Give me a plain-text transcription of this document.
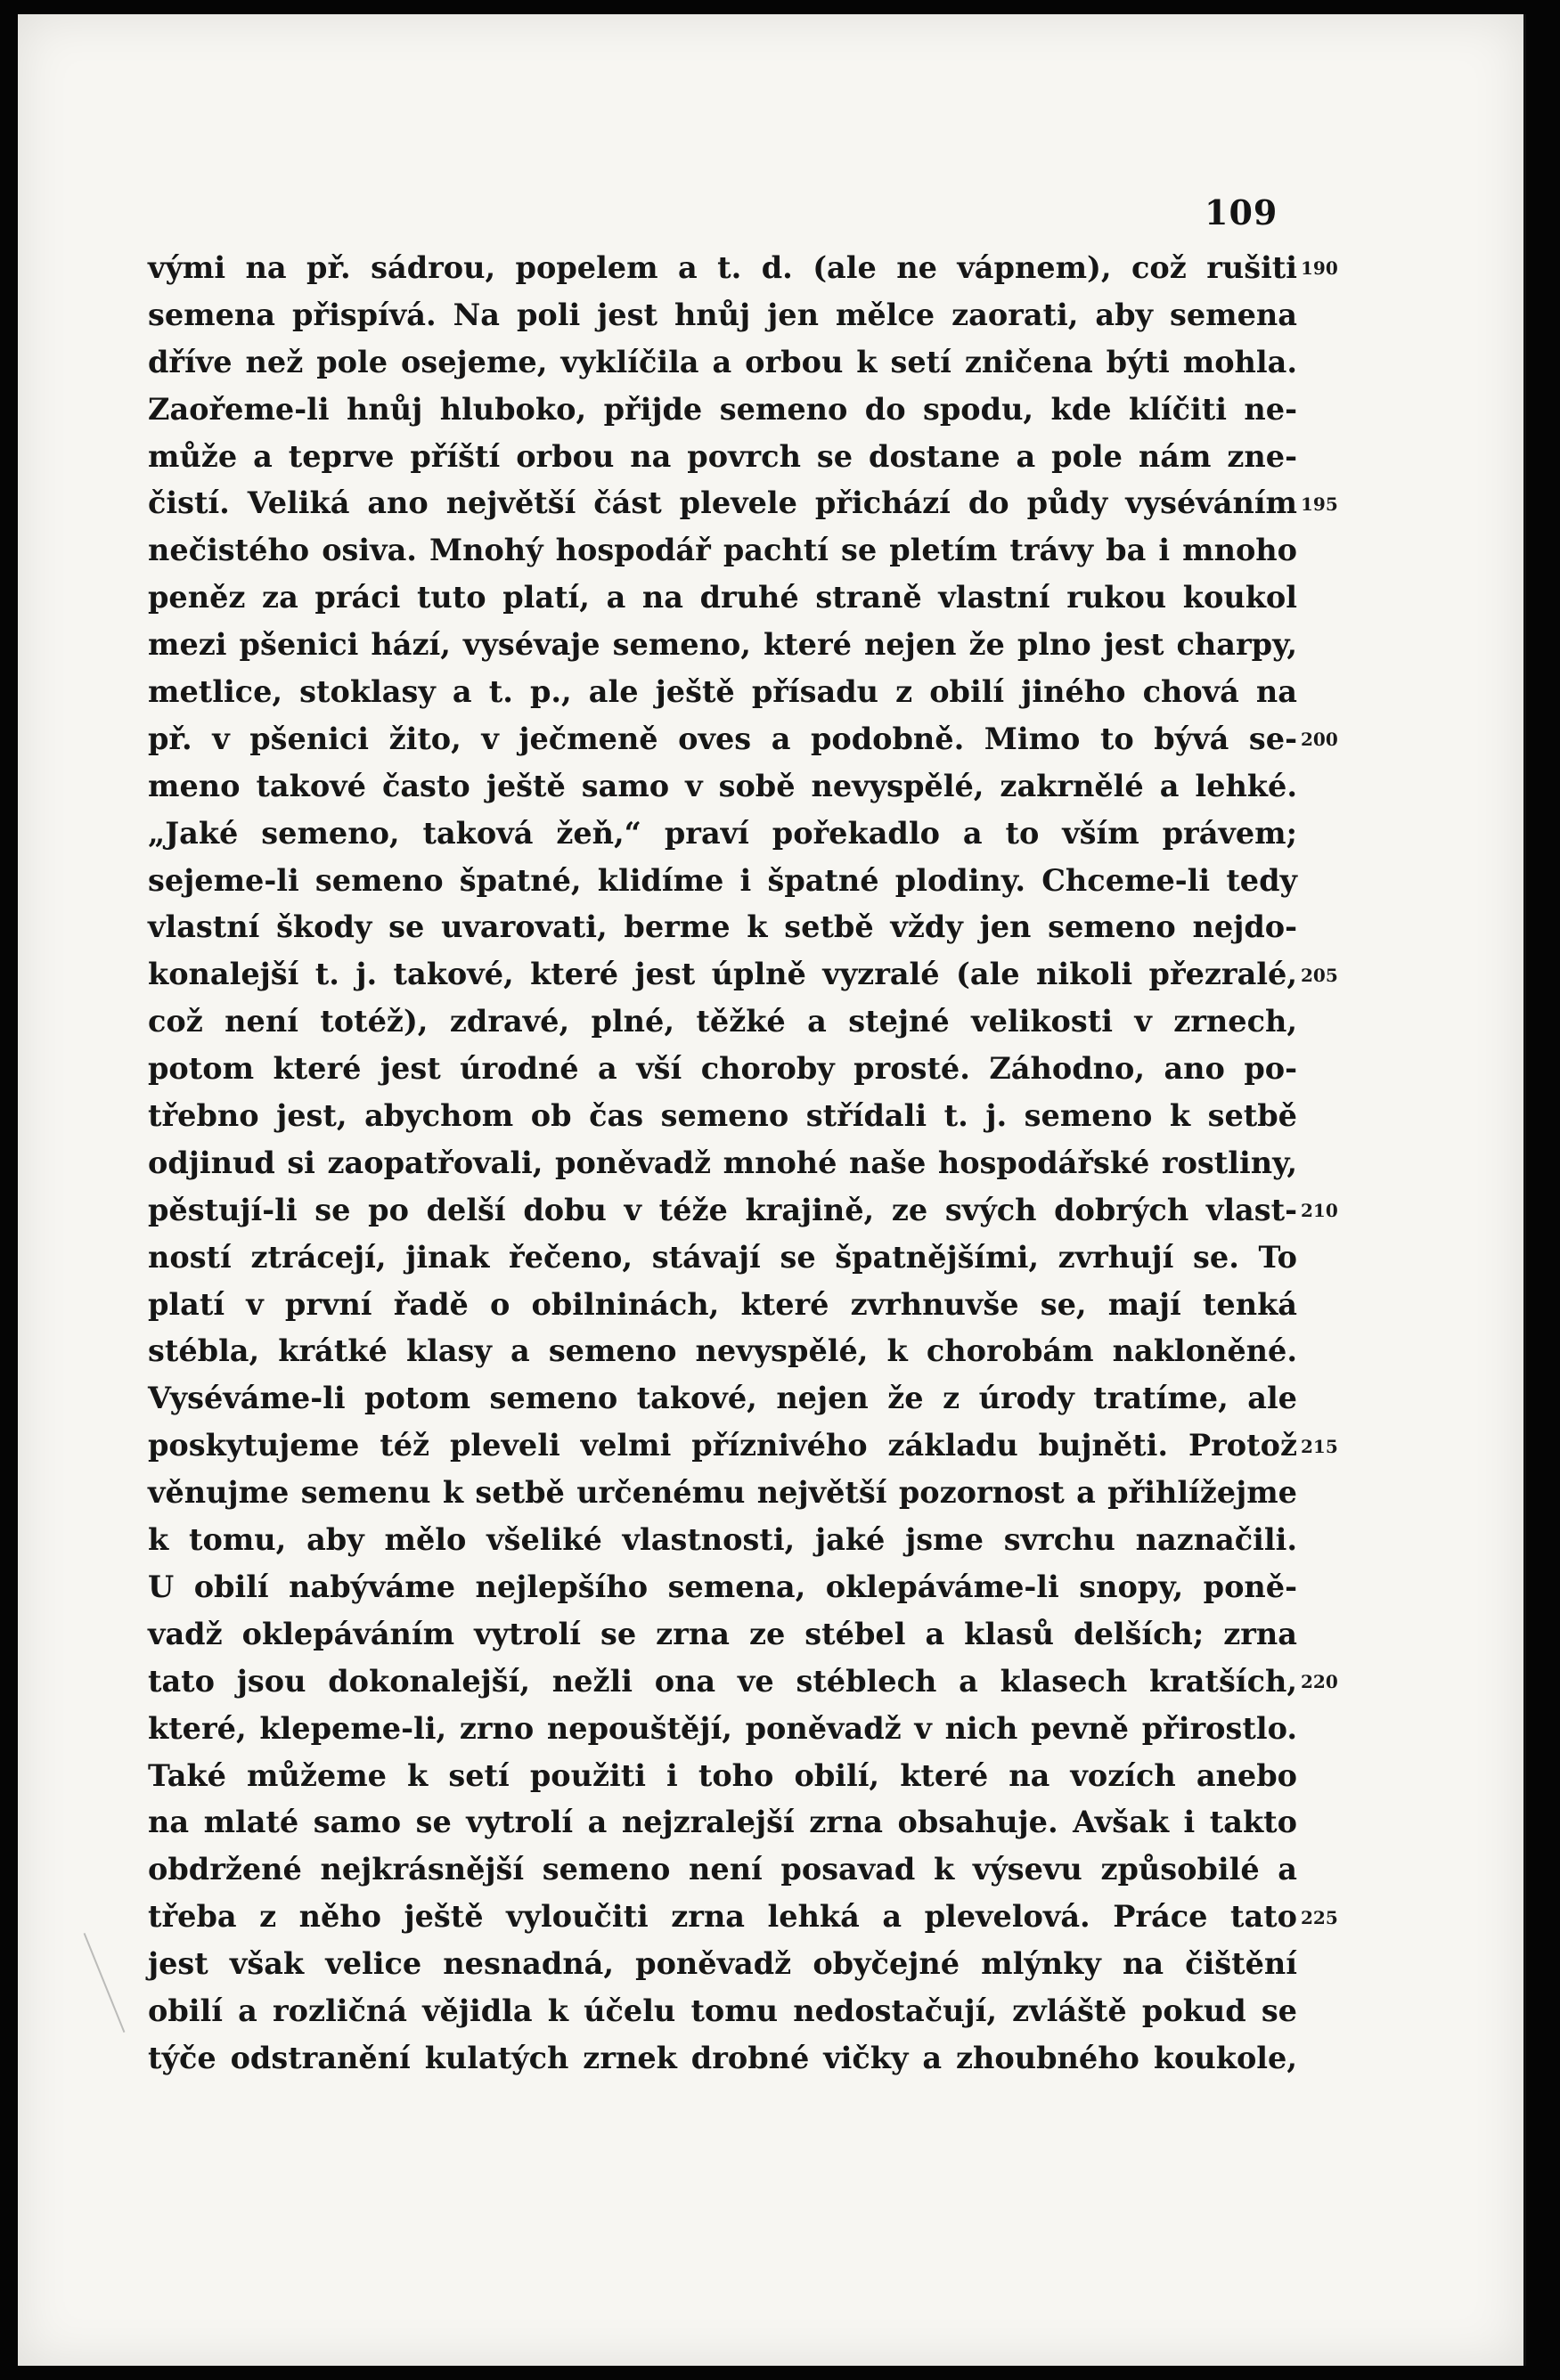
109
vými na př. sádrou, popelem a t. d. (ale ne vápnem), což rušiti
semena přispívá. Na poli jest hnůj jen mělce zaorati, aby semena
dříve než pole osejeme, vyklíčila a orbou k setí zničena býti mohla.
Zaořeme-li hnůj hluboko, přijde semeno do spodu, kde klíčiti ne-
může a teprve příští orbou na povrch se dostane a pole nám zne-
čistí. Veliká ano největší část plevele přichází do půdy vyséváním
nečistého osiva. Mnohý hospodář pachtí se pletím trávy ba i mnoho
peněz za práci tuto platí, a na druhé straně vlastní rukou koukol
mezi pšenici hází, vysévaje semeno, které nejen že plno jest charpy,
metlice, stoklasy a t. p., ale ještě přísadu z obilí jiného chová na
př. v pšenici žito, v ječmeně oves a podobně. Mimo to bývá se-
meno takové často ještě samo v sobě nevyspělé, zakrnělé a lehké.
„Jaké semeno, taková žeň,“ praví pořekadlo a to vším právem;
sejeme-li semeno špatné, klidíme i špatné plodiny. Chceme-li tedy
vlastní škody se uvarovati, berme k setbě vždy jen semeno nejdo-
konalejší t. j. takové, které jest úplně vyzralé (ale nikoli přezralé,
což není totéž), zdravé, plné, těžké a stejné velikosti v zrnech,
potom které jest úrodné a vší choroby prosté. Záhodno, ano po-
třebno jest, abychom ob čas semeno střídali t. j. semeno k setbě
odjinud si zaopatřovali, poněvadž mnohé naše hospodářské rostliny,
pěstují-li se po delší dobu v téže krajině, ze svých dobrých vlast-
ností ztrácejí, jinak řečeno, stávají se špatnějšími, zvrhují se. To
platí v první řadě o obilninách, které zvrhnuvše se, mají tenká
stébla, krátké klasy a semeno nevyspělé, k chorobám nakloněné.
Vyséváme-li potom semeno takové, nejen že z úrody tratíme, ale
poskytujeme též pleveli velmi příznivého základu bujněti. Protož
věnujme semenu k setbě určenému největší pozornost a přihlížejme
k tomu, aby mělo všeliké vlastnosti, jaké jsme svrchu naznačili.
U obilí nabýváme nejlepšího semena, oklepáváme-li snopy, poně-
vadž oklepáváním vytrolí se zrna ze stébel a klasů delších; zrna
tato jsou dokonalejší, nežli ona ve stéblech a klasech kratších,
které, klepeme-li, zrno nepouštějí, poněvadž v nich pevně přirostlo.
Také můžeme k setí použiti i toho obilí, které na vozích anebo
na mlaté samo se vytrolí a nejzralejší zrna obsahuje. Avšak i takto
obdržené nejkrásnější semeno není posavad k výsevu způsobilé a
třeba z něho ještě vyloučiti zrna lehká a plevelová. Práce tato
jest však velice nesnadná, poněvadž obyčejné mlýnky na čištění
obilí a rozličná vějidla k účelu tomu nedostačují, zvláště pokud se
týče odstranění kulatých zrnek drobné vičky a zhoubného koukole,
190
195
200
205
210
215
220
225
